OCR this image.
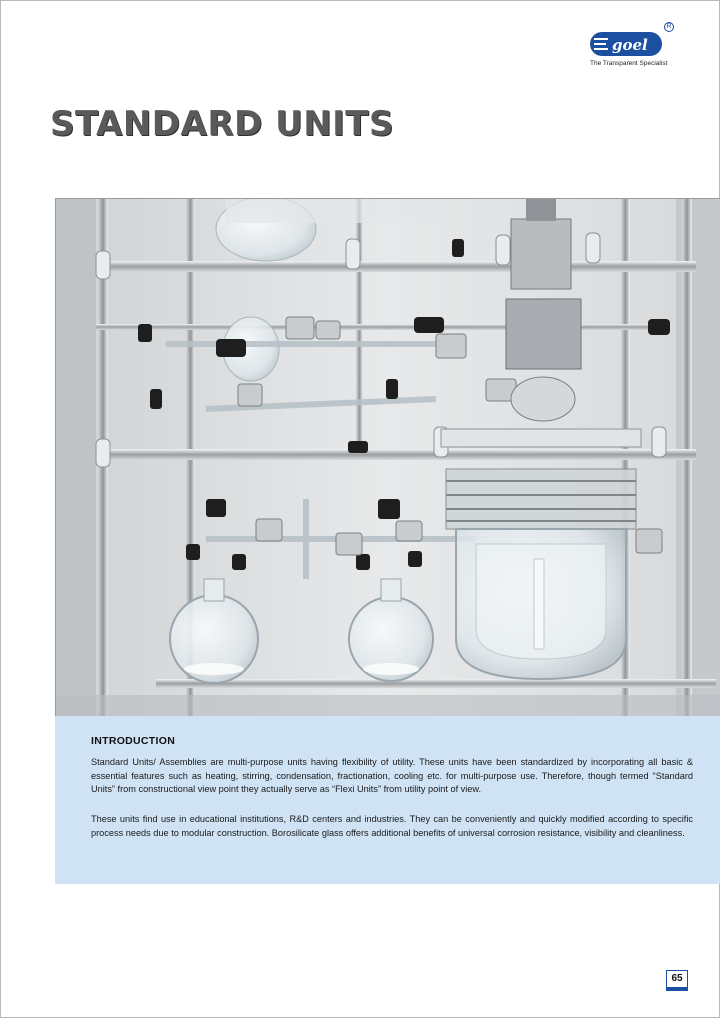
goel
R
The Transparent Specialist
STANDARD UNITS
INTRODUCTION

Standard Units/ Assemblies are multi-purpose units having flexibility of utility. These units have been standardized by incorporating all basic & essential features such as heating, stirring, condensation, fractionation, cooling etc. for multi-purpose use. Therefore, though termed “Standard Units” from constructional view point they actually serve as “Flexi Units” from utility point of view.

These units find use in educational institutions, R&D centers and industries. They can be conveniently and quickly modified according to specific process needs due to modular construction. Borosilicate glass offers additional benefits of universal corrosion resistance, visibility and cleanliness.

65
